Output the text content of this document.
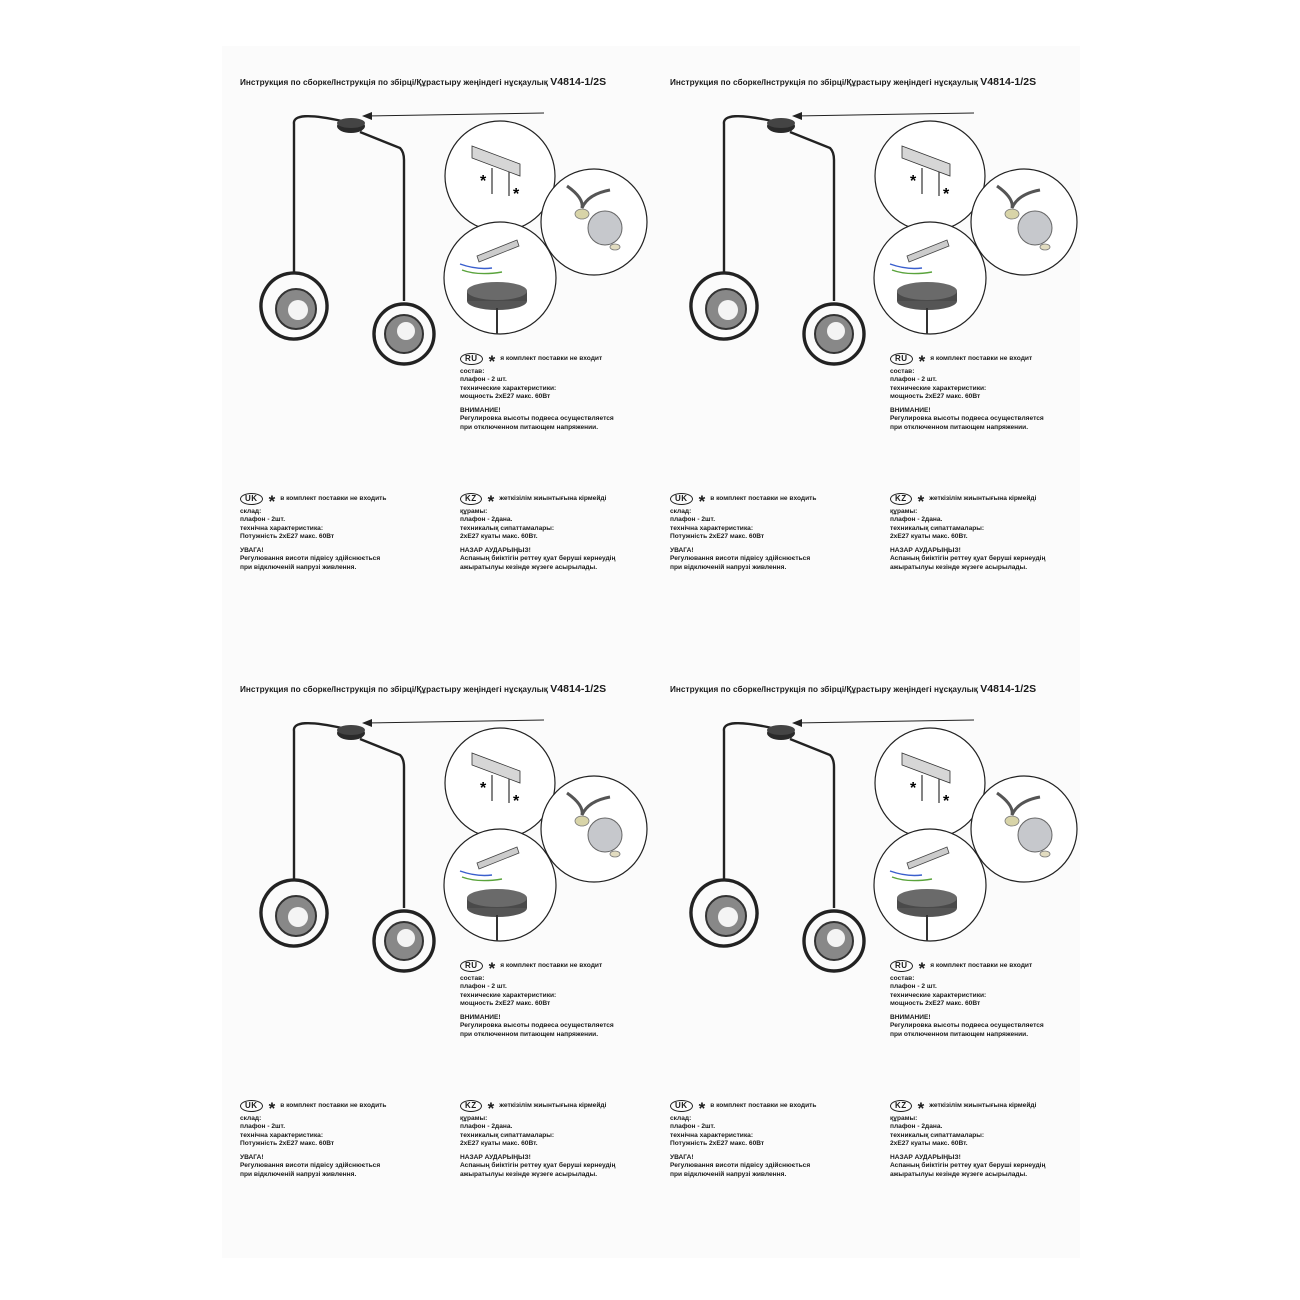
Инструкция по сборке/Інструкція по збірці/Құрастыру жеңіндегі нұсқаулық V4814-1/2S
*
*
RU * я комплект поставки не входит
состав:
плафон - 2 шт.
технические характеристики:
мощность 2хЕ27 макс. 60Вт
ВНИМАНИЕ!
Регулировка высоты подвеса осуществляется
при отключенном питающем напряжении.
UK * в комплект поставки не входить
склад:
плафон - 2шт.
технічна характеристика:
Потужність 2хЕ27 макс. 60Вт
УВАГА!
Регулювання висоти підвісу здійснюється
при відключеній напрузі живлення.
KZ * жеткізілім жиынтығына кірмейді
құрамы:
плафон - 2дана.
техникалық сипаттамалары:
2хЕ27 куаты макс. 60Вт.
НАЗАР АУДАРЫҢЫЗ!
Аспаның биіктігін реттеу қуат беруші кернеудің
ажыратылуы кезінде жүзеге асырылады.
Инструкция по сборке/Інструкція по збірці/Құрастыру жеңіндегі нұсқаулық V4814-1/2S
*
*
RU * я комплект поставки не входит
состав:
плафон - 2 шт.
технические характеристики:
мощность 2хЕ27 макс. 60Вт
ВНИМАНИЕ!
Регулировка высоты подвеса осуществляется
при отключенном питающем напряжении.
UK * в комплект поставки не входить
склад:
плафон - 2шт.
технічна характеристика:
Потужність 2хЕ27 макс. 60Вт
УВАГА!
Регулювання висоти підвісу здійснюється
при відключеній напрузі живлення.
KZ * жеткізілім жиынтығына кірмейді
құрамы:
плафон - 2дана.
техникалық сипаттамалары:
2хЕ27 куаты макс. 60Вт.
НАЗАР АУДАРЫҢЫЗ!
Аспаның биіктігін реттеу қуат беруші кернеудің
ажыратылуы кезінде жүзеге асырылады.
Инструкция по сборке/Інструкція по збірці/Құрастыру жеңіндегі нұсқаулық V4814-1/2S
*
*
RU * я комплект поставки не входит
состав:
плафон - 2 шт.
технические характеристики:
мощность 2хЕ27 макс. 60Вт
ВНИМАНИЕ!
Регулировка высоты подвеса осуществляется
при отключенном питающем напряжении.
UK * в комплект поставки не входить
склад:
плафон - 2шт.
технічна характеристика:
Потужність 2хЕ27 макс. 60Вт
УВАГА!
Регулювання висоти підвісу здійснюється
при відключеній напрузі живлення.
KZ * жеткізілім жиынтығына кірмейді
құрамы:
плафон - 2дана.
техникалық сипаттамалары:
2хЕ27 куаты макс. 60Вт.
НАЗАР АУДАРЫҢЫЗ!
Аспаның биіктігін реттеу қуат беруші кернеудің
ажыратылуы кезінде жүзеге асырылады.
Инструкция по сборке/Інструкція по збірці/Құрастыру жеңіндегі нұсқаулық V4814-1/2S
*
*
RU * я комплект поставки не входит
состав:
плафон - 2 шт.
технические характеристики:
мощность 2хЕ27 макс. 60Вт
ВНИМАНИЕ!
Регулировка высоты подвеса осуществляется
при отключенном питающем напряжении.
UK * в комплект поставки не входить
склад:
плафон - 2шт.
технічна характеристика:
Потужність 2хЕ27 макс. 60Вт
УВАГА!
Регулювання висоти підвісу здійснюється
при відключеній напрузі живлення.
KZ * жеткізілім жиынтығына кірмейді
құрамы:
плафон - 2дана.
техникалық сипаттамалары:
2хЕ27 куаты макс. 60Вт.
НАЗАР АУДАРЫҢЫЗ!
Аспаның биіктігін реттеу қуат беруші кернеудің
ажыратылуы кезінде жүзеге асырылады.
